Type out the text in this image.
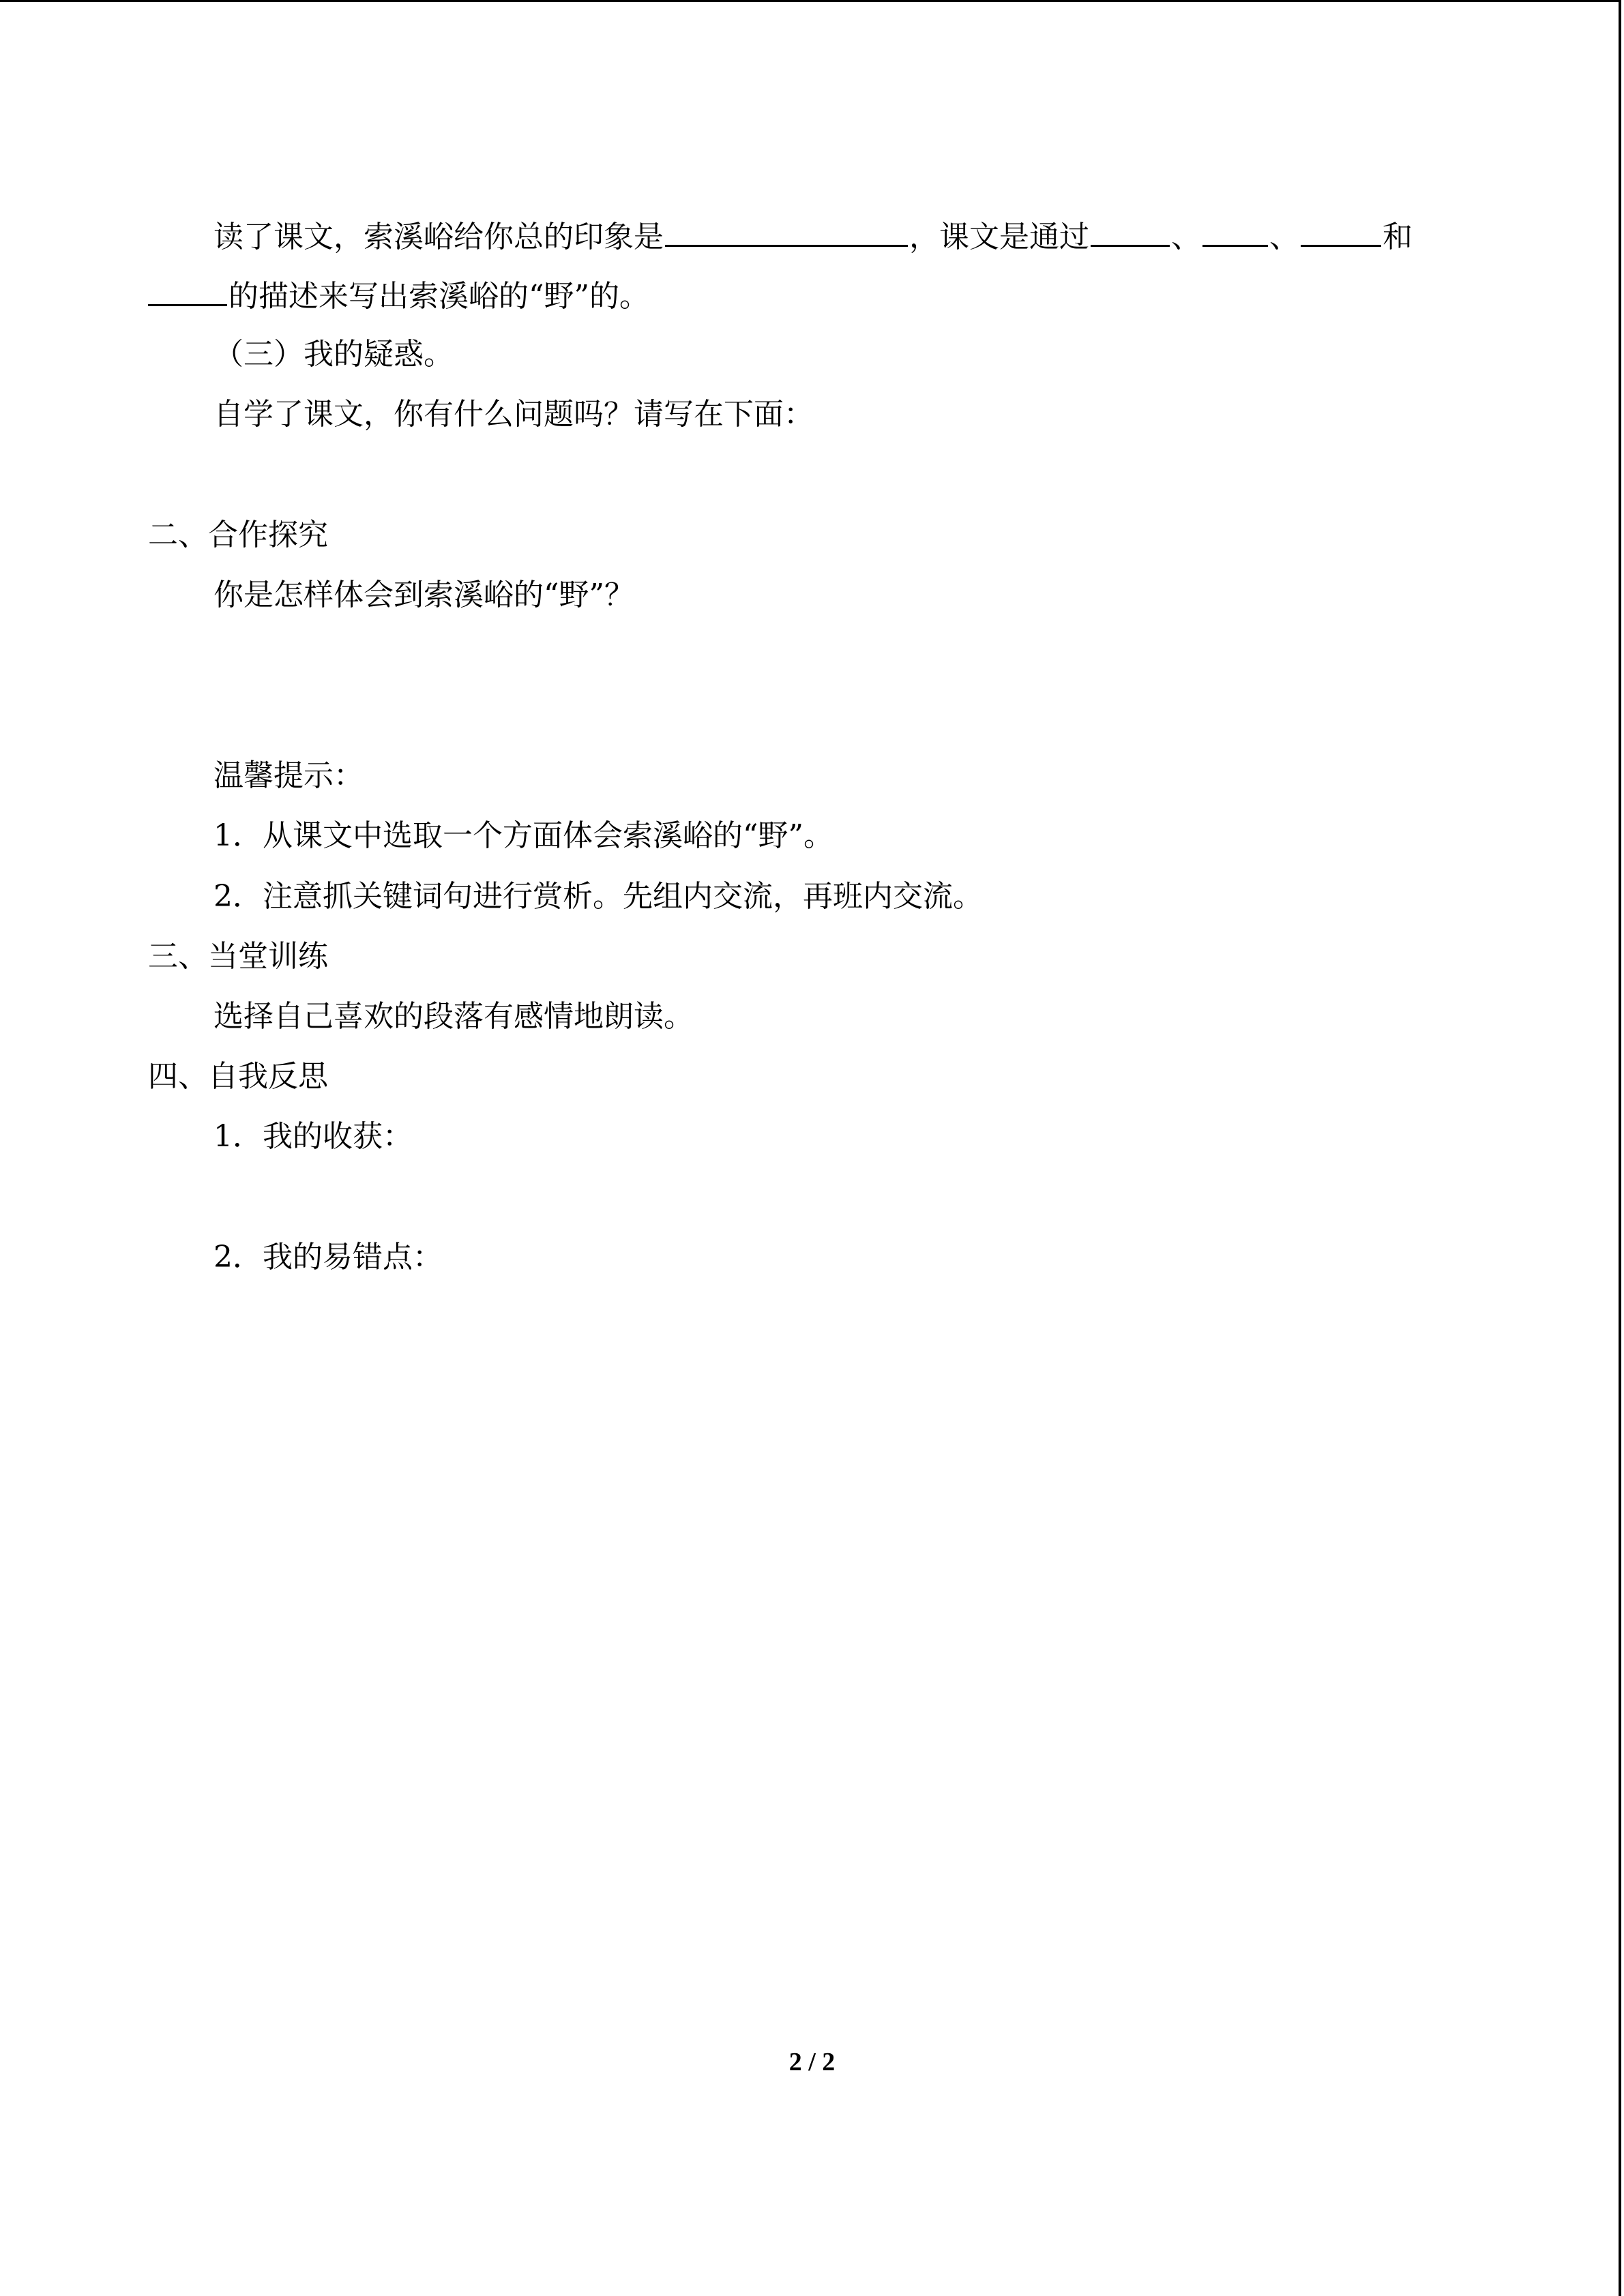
读了课文，索溪峪给你总的印象是	，课文是通过	、 、	和
的描述来写出索溪峪的“野”的。
（三）我的疑惑。
自学了课文，你有什么问题吗？请写在下面：
二、合作探究
你是怎样体会到索溪峪的“野”？
温馨提示：
1．从课文中选取一个方面体会索溪峪的“野”。
2．注意抓关键词句进行赏析。先组内交流，再班内交流。
三、当堂训练
选择自己喜欢的段落有感情地朗读。
四、自我反思
1．我的收获：
2．我的易错点：
2 / 2
